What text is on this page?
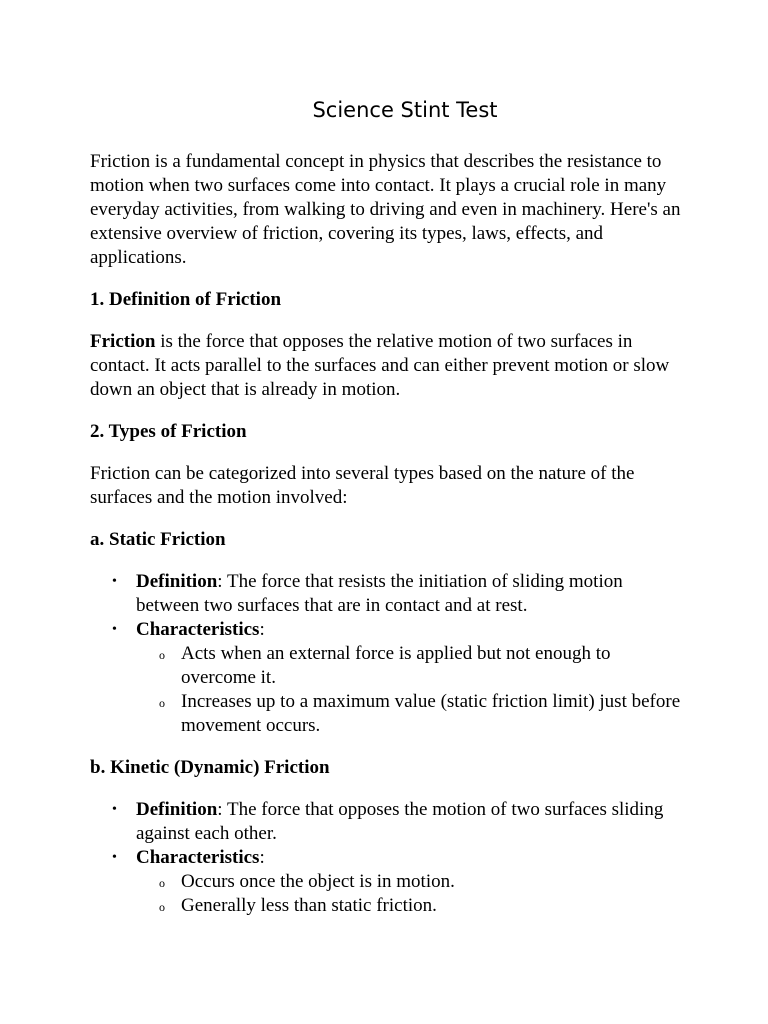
Science Stint Test

Friction is a fundamental concept in physics that describes the resistance to motion when two surfaces come into contact. It plays a crucial role in many everyday activities, from walking to driving and even in machinery. Here's an extensive overview of friction, covering its types, laws, effects, and applications.

1. Definition of Friction

Friction is the force that opposes the relative motion of two surfaces in contact. It acts parallel to the surfaces and can either prevent motion or slow down an object that is already in motion.

2. Types of Friction

Friction can be categorized into several types based on the nature of the surfaces and the motion involved:

a. Static Friction
• Definition: The force that resists the initiation of sliding motion between two surfaces that are in contact and at rest.
• Characteristics:
o Acts when an external force is applied but not enough to overcome it.
o Increases up to a maximum value (static friction limit) just before movement occurs.
b. Kinetic (Dynamic) Friction
• Definition: The force that opposes the motion of two surfaces sliding against each other.
• Characteristics:
o Occurs once the object is in motion.
o Generally less than static friction.
